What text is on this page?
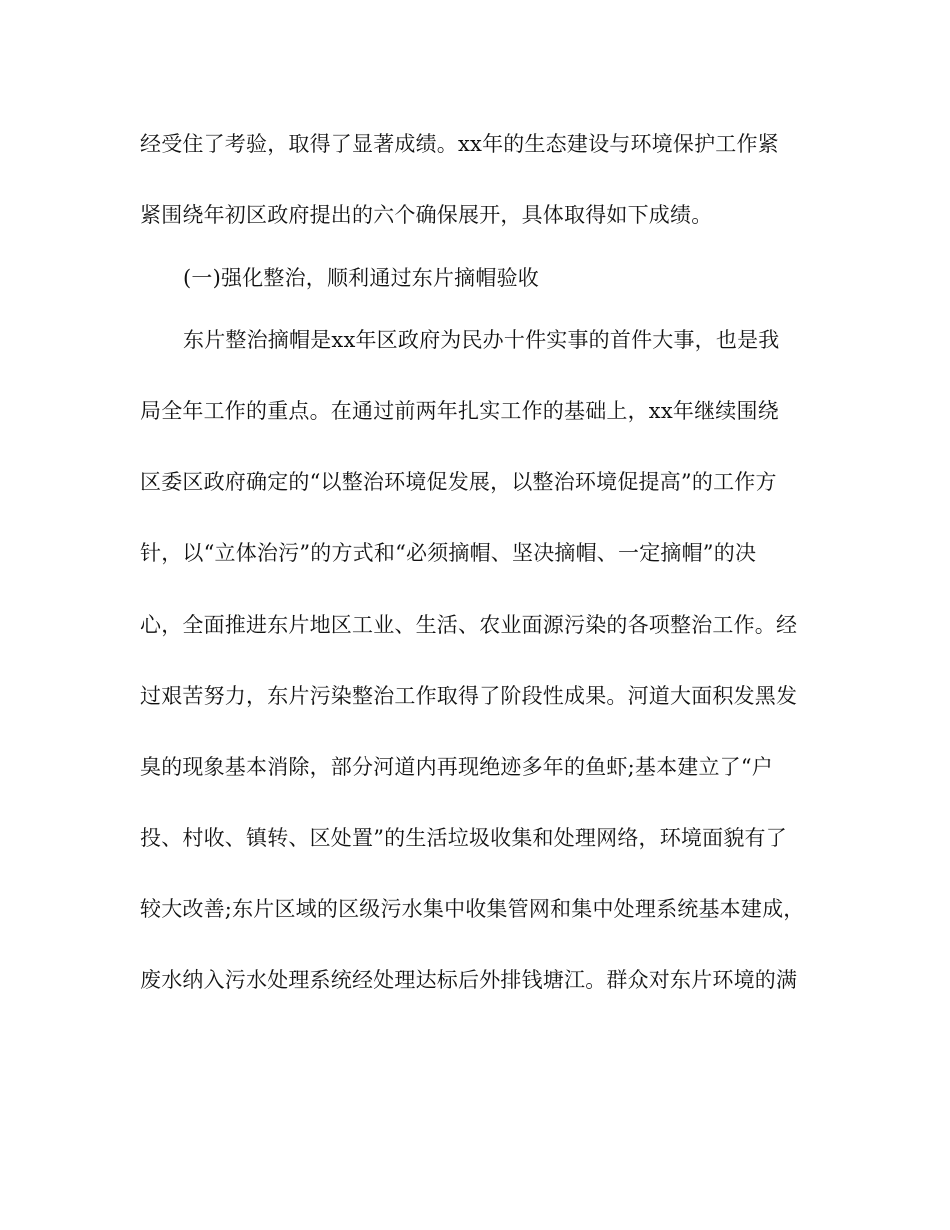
经受住了考验，取得了显著成绩。xx年的生态建设与环境保护工作紧
紧围绕年初区政府提出的六个确保展开，具体取得如下成绩。
(一)强化整治，顺利通过东片摘帽验收
东片整治摘帽是xx年区政府为民办十件实事的首件大事，也是我
局全年工作的重点。在通过前两年扎实工作的基础上，xx年继续围绕
区委区政府确定的“以整治环境促发展，以整治环境促提高”的工作方
针，以“立体治污”的方式和“必须摘帽、坚决摘帽、一定摘帽”的决
心，全面推进东片地区工业、生活、农业面源污染的各项整治工作。经
过艰苦努力，东片污染整治工作取得了阶段性成果。河道大面积发黑发
臭的现象基本消除，部分河道内再现绝迹多年的鱼虾;基本建立了“户
投、村收、镇转、区处置”的生活垃圾收集和处理网络，环境面貌有了
较大改善;东片区域的区级污水集中收集管网和集中处理系统基本建成，
废水纳入污水处理系统经处理达标后外排钱塘江。群众对东片环境的满
